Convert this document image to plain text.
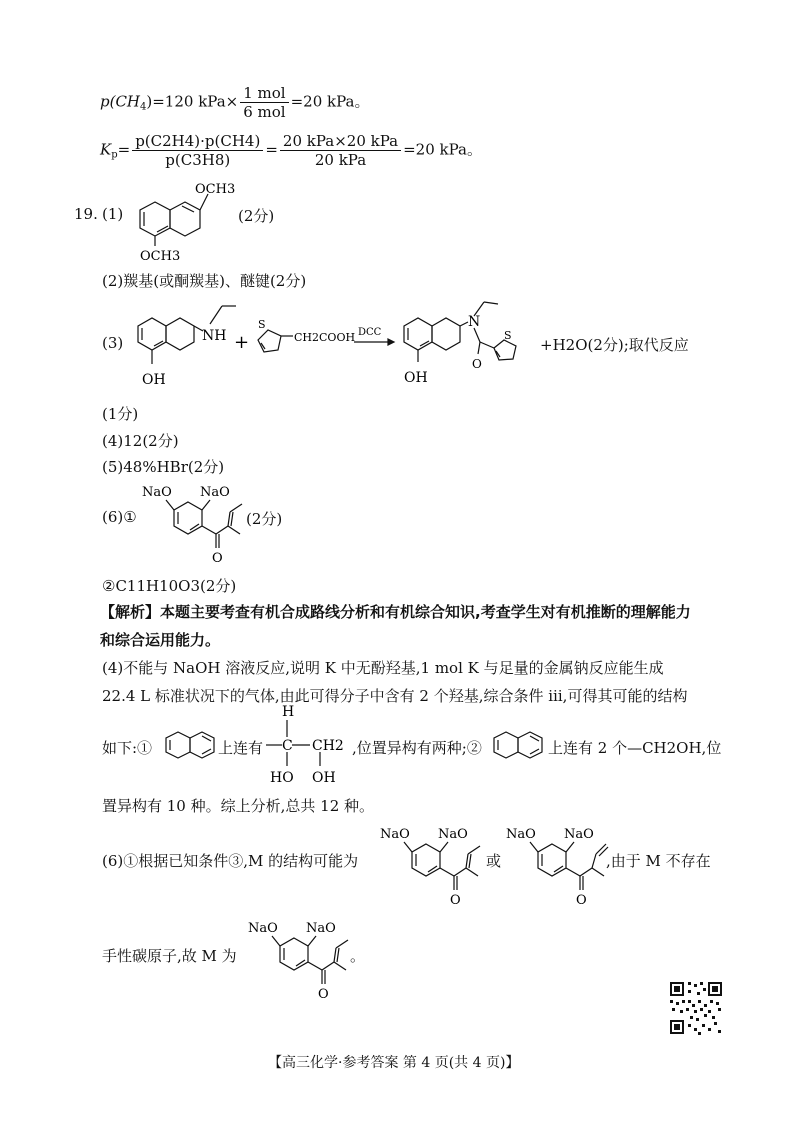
$p(CH_4)=120$ $kPa\times \frac{\text{1 mol}}{\text{6 mol}} =20$ kPa。
$K_p= \frac{p(C2H4)\cdot p(CH4)}{p(C3H8)} = \frac{\text{20 kPa×20 kPa}}{\text{20 kPa}} =20$ kPa。
19. (1)
OCH3
OCH3
(2分)
(2)羰基(或酮羰基)、醚键(2分)
(3)	NH
OH
+
S
CH2COOH DCC
N
O
S
OH
+H2O(2分);取代反应
(1分)
(4)12(2分)
(5)48%HBr(2分)
(6)①
NaO NaO
O
(2分)
②C11H10O3(2分)
【解析】本题主要考查有机合成路线分析和有机综合知识,考查学生对有机推断的理解能力
和综合运用能力。
(4)不能与 NaOH 溶液反应,说明 K 中无酚羟基,1 mol K 与足量的金属钠反应能生成
22.4 L 标准状况下的气体,由此可得分子中含有 2 个羟基,综合条件 ⅲ,可得其可能的结构
如下:①	上连有
H
C CH2
HO OH
,位置异构有两种;②	上连有 2 个—CH2OH,位
置异构有 10 种。综上分析,总共 12 种。
(6)①根据已知条件③,M 的结构可能为
NaO NaO
O
或
NaO NaO
O
,由于 M 不存在
手性碳原子,故 M 为
NaO NaO
O
。
【高三化学·参考答案 第 4 页(共 4 页)】
